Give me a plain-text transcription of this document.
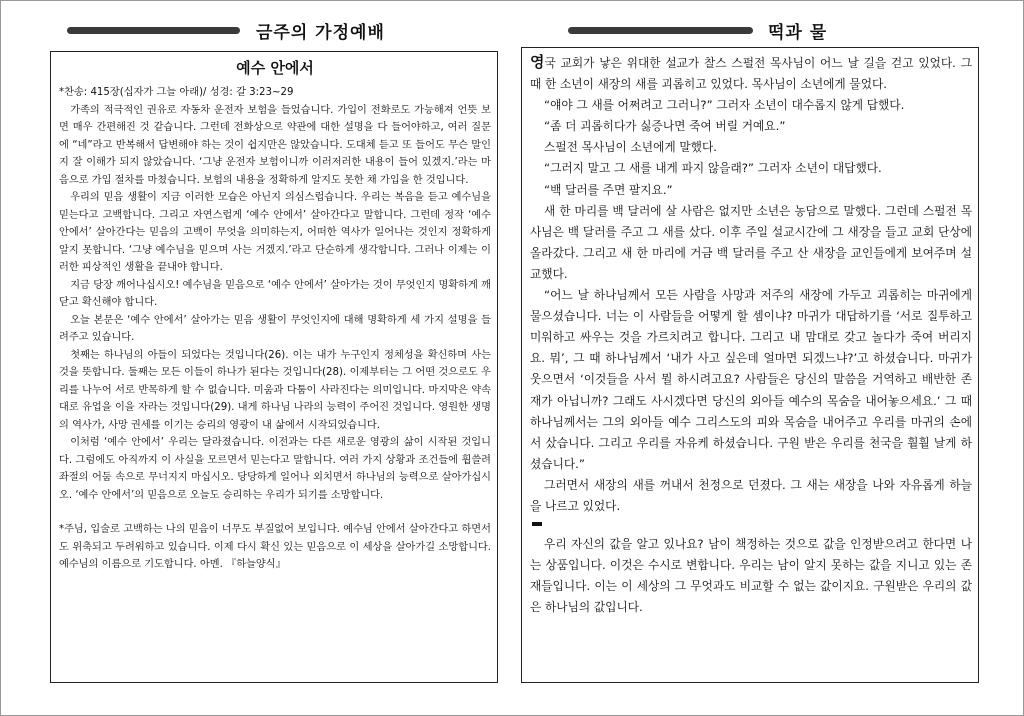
금주의 가정예배	떡과 물
예수 안에서

*찬송: 415장(십자가 그늘 아래)/ 성경: 갈 3:23~29

가족의 적극적인 권유로 자동차 운전자 보험을 들었습니다. 가입이 전화로도 가능해져 언뜻 보면 매우 간편해진 것 같습니다. 그런데 전화상으로 약관에 대한 설명을 다 들어야하고, 여러 질문에 “네”라고 반복해서 답변해야 하는 것이 쉽지만은 않았습니다. 도대체 듣고 또 들어도 무슨 말인지 잘 이해가 되지 않았습니다. ‘그냥 운전자 보험이니까 이러저러한 내용이 들어 있겠지.’라는 마음으로 가입 절차를 마쳤습니다. 보험의 내용을 정확하게 알지도 못한 채 가입을 한 것입니다.

우리의 믿음 생활이 지금 이러한 모습은 아닌지 의심스럽습니다. 우리는 복음을 듣고 예수님을 믿는다고 고백합니다. 그리고 자연스럽게 ‘예수 안에서’ 살아간다고 말합니다. 그런데 정작 ‘예수 안에서’ 살아간다는 믿음의 고백이 무엇을 의미하는지, 어떠한 역사가 일어나는 것인지 정확하게 알지 못합니다. ‘그냥 예수님을 믿으며 사는 거겠지.’라고 단순하게 생각합니다. 그러나 이제는 이러한 피상적인 생활을 끝내야 합니다.

지금 당장 깨어나십시오! 예수님을 믿음으로 ‘예수 안에서’ 살아가는 것이 무엇인지 명확하게 깨닫고 확신해야 합니다.

오늘 본문은 ‘예수 안에서’ 살아가는 믿음 생활이 무엇인지에 대해 명확하게 세 가지 설명을 들려주고 있습니다.

첫째는 하나님의 아들이 되었다는 것입니다(26). 이는 내가 누구인지 정체성을 확신하며 사는 것을 뜻합니다. 둘째는 모든 이들이 하나가 된다는 것입니다(28). 이제부터는 그 어떤 것으로도 우리를 나누어 서로 반목하게 할 수 없습니다. 미움과 다툼이 사라진다는 의미입니다. 마지막은 약속대로 유업을 이을 자라는 것입니다(29). 내게 하나님 나라의 능력이 주어진 것입니다. 영원한 생명의 역사가, 사망 권세를 이기는 승리의 영광이 내 삶에서 시작되었습니다.

이처럼 ‘예수 안에서’ 우리는 달라졌습니다. 이전과는 다른 새로운 영광의 삶이 시작된 것입니다. 그럼에도 아직까지 이 사실을 모르면서 믿는다고 말합니다. 여러 가지 상황과 조건들에 휩쓸려 좌절의 어둠 속으로 무너지지 마십시오. 당당하게 일어나 외치면서 하나님의 능력으로 살아가십시오. ‘예수 안에서’의 믿음으로 오늘도 승리하는 우리가 되기를 소망합니다.

*주님, 입술로 고백하는 나의 믿음이 너무도 부질없어 보입니다. 예수님 안에서 살아간다고 하면서도 위축되고 두려워하고 있습니다. 이제 다시 확신 있는 믿음으로 이 세상을 살아가길 소망합니다. 예수님의 이름으로 기도합니다. 아멘. 『하늘양식』

영국 교회가 낳은 위대한 설교가 찰스 스펄전 목사님이 어느 날 길을 걷고 있었다. 그 때 한 소년이 새장의 새를 괴롭히고 있었다. 목사님이 소년에게 물었다.

“얘야 그 새를 어쩌려고 그러니?” 그러자 소년이 대수롭지 않게 답했다.

“좀 더 괴롭히다가 싫증나면 죽여 버릴 거예요.”

스펄전 목사님이 소년에게 말했다.

“그러지 말고 그 새를 내게 파지 않을래?” 그러자 소년이 대답했다.

“백 달러를 주면 팔지요.”

새 한 마리를 백 달러에 살 사람은 없지만 소년은 농담으로 말했다. 그런데 스펄전 목사님은 백 달러를 주고 그 새를 샀다. 이후 주일 설교시간에 그 새장을 들고 교회 단상에 올라갔다. 그리고 새 한 마리에 거금 백 달러를 주고 산 새장을 교인들에게 보여주며 설교했다.

“어느 날 하나님께서 모든 사람을 사망과 저주의 새장에 가두고 괴롭히는 마귀에게 물으셨습니다. 너는 이 사람들을 어떻게 할 셈이냐? 마귀가 대답하기를 ‘서로 질투하고 미워하고 싸우는 것을 가르치려고 합니다. 그리고 내 맘대로 갖고 놀다가 죽여 버리지요. 뭐’, 그 때 하나님께서 ‘내가 사고 싶은데 얼마면 되겠느냐?’고 하셨습니다. 마귀가 웃으면서 ‘이것들을 사서 뭘 하시려고요? 사람들은 당신의 말씀을 거역하고 배반한 존재가 아닙니까? 그래도 사시겠다면 당신의 외아들 예수의 목숨을 내어놓으세요.’ 그 때 하나님께서는 그의 외아들 예수 그리스도의 피와 목숨을 내어주고 우리를 마귀의 손에서 샀습니다. 그리고 우리를 자유케 하셨습니다. 구원 받은 우리를 천국을 훨훨 날게 하셨습니다.”

그러면서 새장의 새를 꺼내서 천정으로 던졌다. 그 새는 새장을 나와 자유롭게 하늘을 나르고 있었다.

우리 자신의 값을 알고 있나요? 남이 책정하는 것으로 값을 인정받으려고 한다면 나는 상품입니다. 이것은 수시로 변합니다. 우리는 남이 알지 못하는 값을 지니고 있는 존재들입니다. 이는 이 세상의 그 무엇과도 비교할 수 없는 값이지요. 구원받은 우리의 값은 하나님의 값입니다.
